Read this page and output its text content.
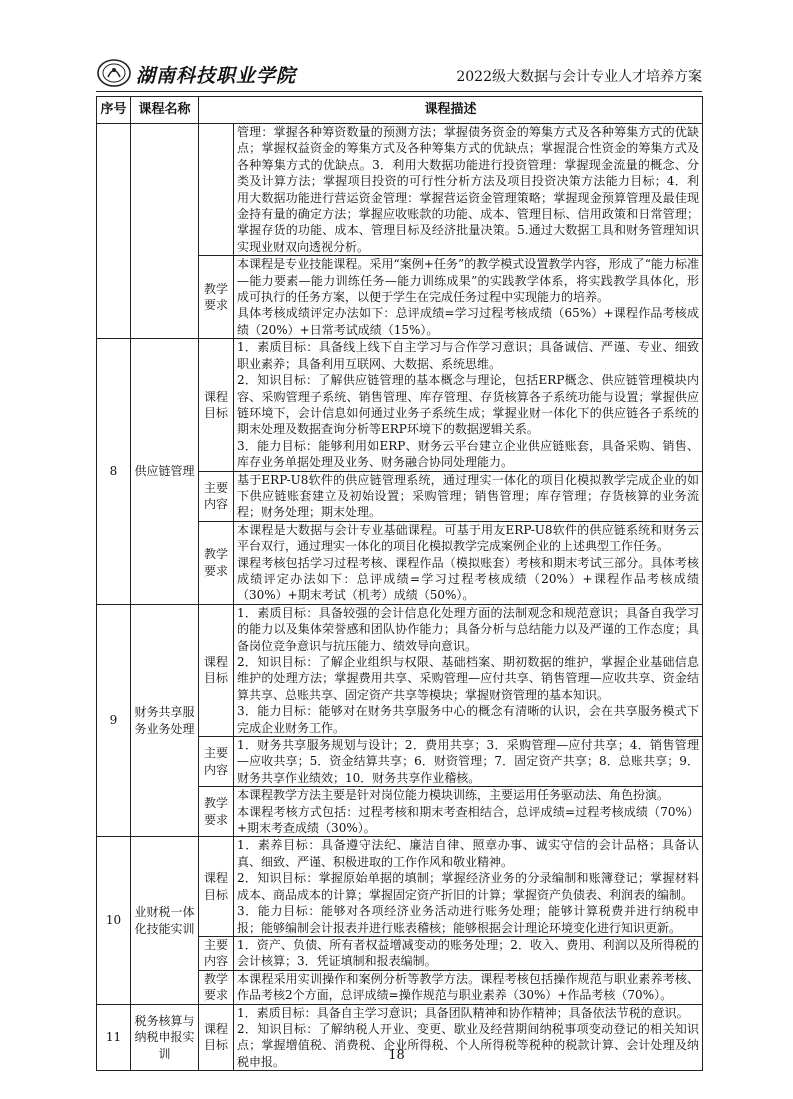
湖南科技职业学院	2022级大数据与会计专业人才培养方案
序号	课程名称	课程描述	

			管理：掌握各种筹资数量的预测方法；掌握债务资金的筹集方式及各种筹集方式的优缺点；掌握权益资金的筹集方式及各种筹集方式的优缺点；掌握混合性资金的筹集方式及各种筹集方式的优缺点。3．利用大数据功能进行投资管理：掌握现金流量的概念、分类及计算方法；掌握项目投资的可行性分析方法及项目投资决策方法能力目标；4．利用大数据功能进行营运资金管理：掌握营运资金管理策略；掌握现金预算管理及最佳现金持有量的确定方法；掌握应收账款的功能、成本、管理目标、信用政策和日常管理；掌握存货的功能、成本、管理目标及经济批量决策。5.通过大数据工具和财务管理知识实现业财双向透视分析。

		教学要求	本课程是专业技能课程。采用“案例+任务”的教学模式设置教学内容，形成了“能力标准—能力要素—能力训练任务—能力训练成果”的实践教学体系，将实践教学具体化，形成可执行的任务方案，以便于学生在完成任务过程中实现能力的培养。

具体考核成绩评定办法如下：总评成绩=学习过程考核成绩（65%）+课程作品考核成绩（20%）+日常考试成绩（15%）。

8	供应链管理	课程目标	1．素质目标：具备线上线下自主学习与合作学习意识；具备诚信、严谨、专业、细致职业素养；具备利用互联网、大数据、系统思维。

2．知识目标：了解供应链管理的基本概念与理论，包括ERP概念、供应链管理模块内容、采购管理子系统、销售管理、库存管理、存货核算各子系统功能与设置；掌握供应链环境下，会计信息如何通过业务子系统生成；掌握业财一体化下的供应链各子系统的期末处理及数据查询分析等ERP环境下的数据逻辑关系。

3．能力目标：能够利用如ERP、财务云平台建立企业供应链账套，具备采购、销售、库存业务单据处理及业务、财务融合协同处理能力。

		主要内容	基于ERP-U8软件的供应链管理系统，通过理实一体化的项目化模拟教学完成企业的如下供应链账套建立及初始设置；采购管理；销售管理；库存管理；存货核算的业务流程；财务处理；期末处理。

		教学要求	本课程是大数据与会计专业基础课程。可基于用友ERP-U8软件的供应链系统和财务云平台双行，通过理实一体化的项目化模拟教学完成案例企业的上述典型工作任务。

课程考核包括学习过程考核、课程作品（模拟账套）考核和期末考试三部分。具体考核成绩评定办法如下：总评成绩=学习过程考核成绩（20%）+课程作品考核成绩（30%）+期末考试（机考）成绩（50%）。

9	财务共享服务业务处理	课程目标	1．素质目标：具备较强的会计信息化处理方面的法制观念和规范意识；具备自我学习的能力以及集体荣誉感和团队协作能力；具备分析与总结能力以及严谨的工作态度；具备岗位竞争意识与抗压能力、绩效导向意识。

2．知识目标：了解企业组织与权限、基础档案、期初数据的维护，掌握企业基础信息维护的处理方法；掌握费用共享、采购管理—应付共享、销售管理—应收共享、资金结算共享、总账共享、固定资产共享等模块；掌握财资管理的基本知识。

3．能力目标：能够对在财务共享服务中心的概念有清晰的认识，会在共享服务模式下完成企业财务工作。

		主要内容	1．财务共享服务规划与设计；2．费用共享；3．采购管理—应付共享；4．销售管理—应收共享；5．资金结算共享；6．财资管理；7．固定资产共享；8．总账共享；9．财务共享作业绩效；10．财务共享作业稽核。

		教学要求	本课程教学方法主要是针对岗位能力模块训练，主要运用任务驱动法、角色扮演。

本课程考核方式包括：过程考核和期末考查相结合，总评成绩=过程考核成绩（70%）+期末考查成绩（30%）。

10	业财税一体化技能实训	课程目标	1．素养目标：具备遵守法纪、廉洁自律、照章办事、诚实守信的会计品格；具备认真、细致、严谨、积极进取的工作作风和敬业精神。

2．知识目标：掌握原始单据的填制；掌握经济业务的分录编制和账簿登记；掌握材料成本、商品成本的计算；掌握固定资产折旧的计算；掌握资产负债表、利润表的编制。

3．能力目标：能够对各项经济业务活动进行账务处理；能够计算税费并进行纳税申报；能够编制会计报表并进行账表稽核；能够根据会计理论环境变化进行知识更新。

		主要内容	1．资产、负债、所有者权益增减变动的账务处理；2．收入、费用、利润以及所得税的会计核算；3．凭证填制和报表编制。

		教学要求	本课程采用实训操作和案例分析等教学方法。课程考核包括操作规范与职业素养考核、作品考核2个方面，总评成绩=操作规范与职业素养（30%）+作品考核（70%）。

11	税务核算与纳税申报实训	课程目标	1．素质目标：具备自主学习意识；具备团队精神和协作精神；具备依法节税的意识。

2．知识目标：了解纳税人开业、变更、歇业及经营期间纳税事项变动登记的相关知识点；掌握增值税、消费税、企业所得税、个人所得税等税种的税款计算、会计处理及纳税申报。	18
